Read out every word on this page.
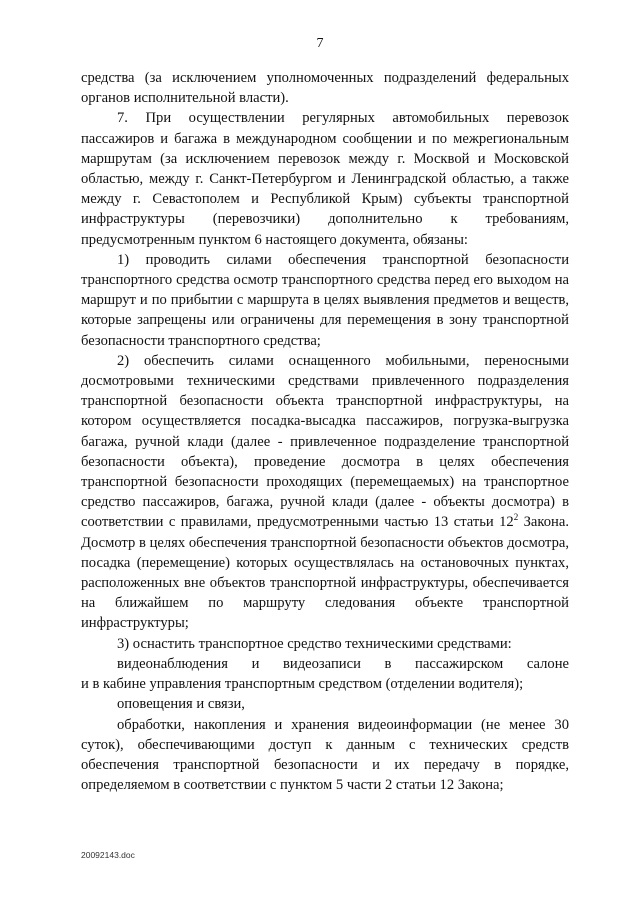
7

средства (за исключением уполномоченных подразделений федеральных органов исполнительной власти).

7. При осуществлении регулярных автомобильных перевозок пассажиров и багажа в международном сообщении и по межрегиональным маршрутам (за исключением перевозок между г. Москвой и Московской областью, между г. Санкт-Петербургом и Ленинградской областью, а также между г. Севастополем и Республикой Крым) субъекты транспортной инфраструктуры (перевозчики) дополнительно к требованиям, предусмотренным пунктом 6 настоящего документа, обязаны:

1) проводить силами обеспечения транспортной безопасности транспортного средства осмотр транспортного средства перед его выходом на маршрут и по прибытии с маршрута в целях выявления предметов и веществ, которые запрещены или ограничены для перемещения в зону транспортной безопасности транспортного средства;

2) обеспечить силами оснащенного мобильными, переносными досмотровыми техническими средствами привлеченного подразделения транспортной безопасности объекта транспортной инфраструктуры, на котором осуществляется посадка-высадка пассажиров, погрузка-выгрузка багажа, ручной клади (далее - привлеченное подразделение транспортной безопасности объекта), проведение досмотра в целях обеспечения транспортной безопасности проходящих (перемещаемых) на транспортное средство пассажиров, багажа, ручной клади (далее - объекты досмотра) в соответствии с правилами, предусмотренными частью 13 статьи $12^2$ Закона. Досмотр в целях обеспечения транспортной безопасности объектов досмотра, посадка (перемещение) которых осуществлялась на остановочных пунктах, расположенных вне объектов транспортной инфраструктуры, обеспечивается на ближайшем по маршруту следования объекте транспортной инфраструктуры;

3) оснастить транспортное средство техническими средствами:

видеонаблюдения и видеозаписи в пассажирском салоне
и в кабине управления транспортным средством (отделении водителя);

оповещения и связи,

обработки, накопления и хранения видеоинформации (не менее 30 суток), обеспечивающими доступ к данным с технических средств обеспечения транспортной безопасности и их передачу в порядке, определяемом в соответствии с пунктом 5 части 2 статьи 12 Закона;

20092143.doc
